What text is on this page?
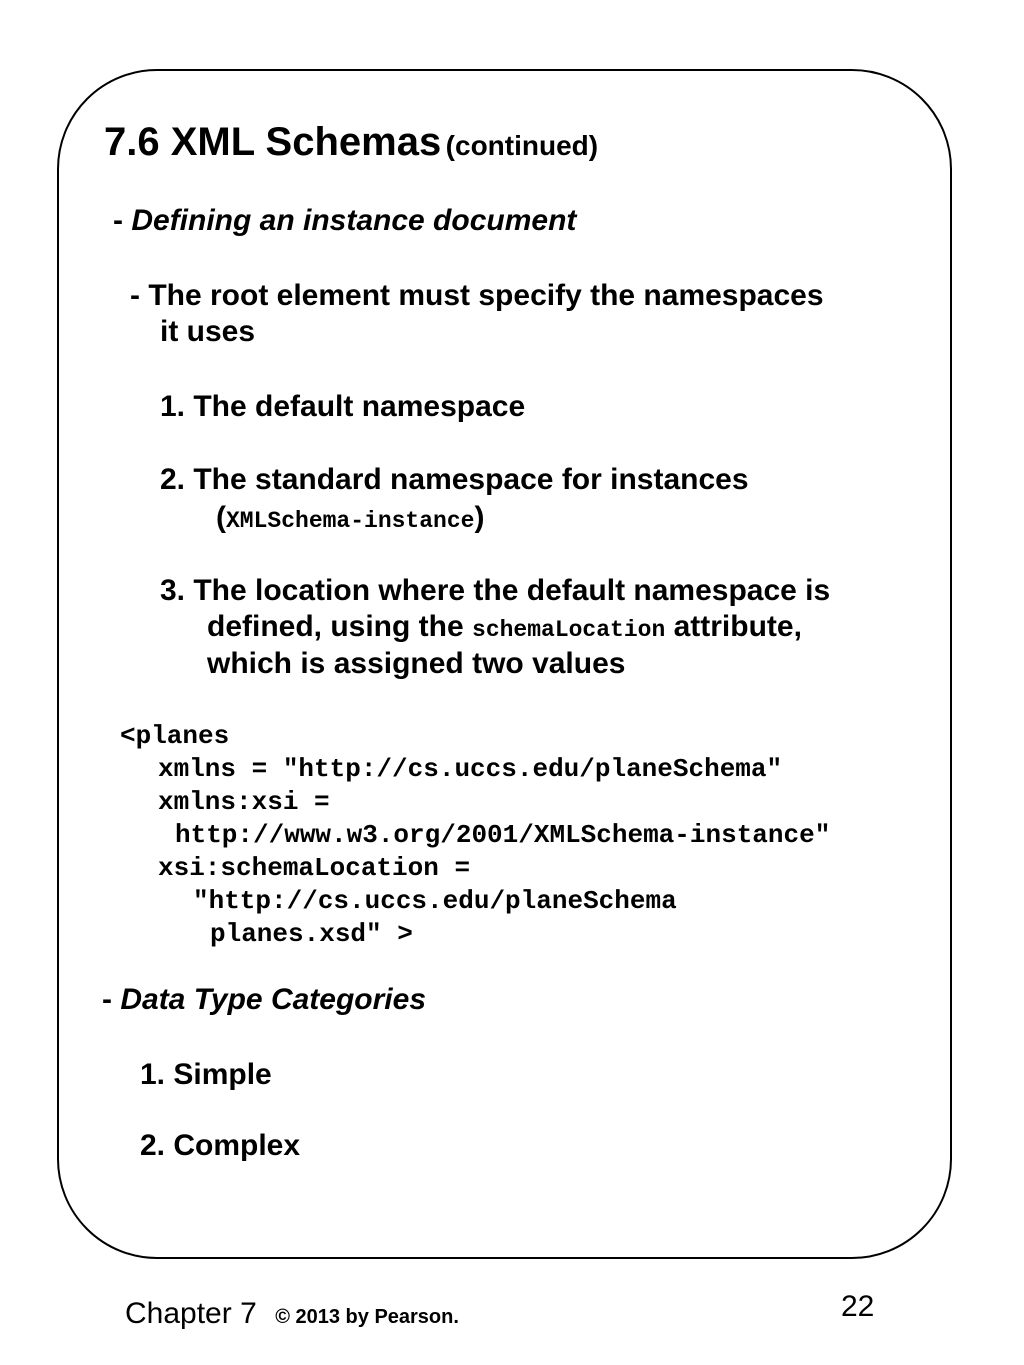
7.6 XML Schemas (continued)
- Defining an instance document
- The root element must specify the namespaces
it uses
1. The default namespace
2. The standard namespace for instances
(XMLSchema-instance)
3. The location where the default namespace is
defined, using the schemaLocation attribute,
which is assigned two values
<planes
xmlns = "http://cs.uccs.edu/planeSchema"
xmlns:xsi =
http://www.w3.org/2001/XMLSchema-instance"
xsi:schemaLocation =
"http://cs.uccs.edu/planeSchema
planes.xsd" >
- Data Type Categories
1. Simple
2. Complex
Chapter 7 © 2013 by Pearson.	22
